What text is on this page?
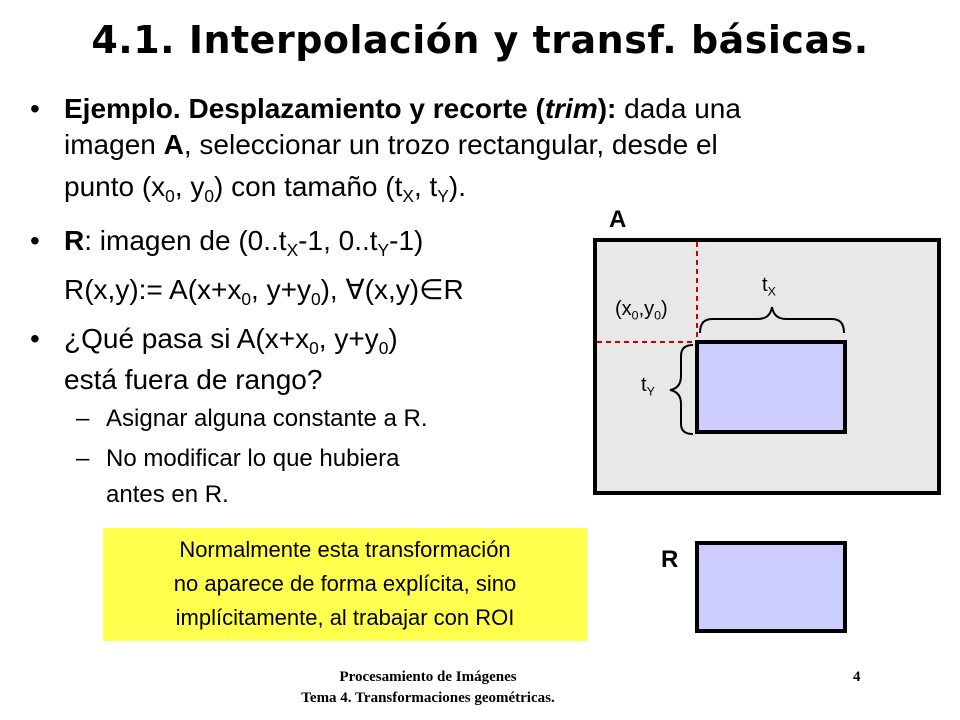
4.1. Interpolación y transf. básicas.
• Ejemplo. Desplazamiento y recorte (trim): dada una
imagen A, seleccionar un trozo rectangular, desde el
punto ($x_0$, $y_0$) con tamaño ($t_X$, $t_Y$).
• R: imagen de ($0..t_X-1$, $0..t_Y-1$)
R(x,y):= $A(x+x_0$, $y+y_0$), ∀(x,y)∈R
• ¿Qué pasa si $A(x+x_0$, $y+y_0$)
está fuera de rango?
– Asignar alguna constante a R.
– No modificar lo que hubiera
antes en R.
Normalmente esta transformación
no aparece de forma explícita, sino
implícitamente, al trabajar con ROI
A
R
$(x_0,y_0)$
$t_X$
$t_Y$
Procesamiento de Imágenes
Tema 4. Transformaciones geométricas.
4
